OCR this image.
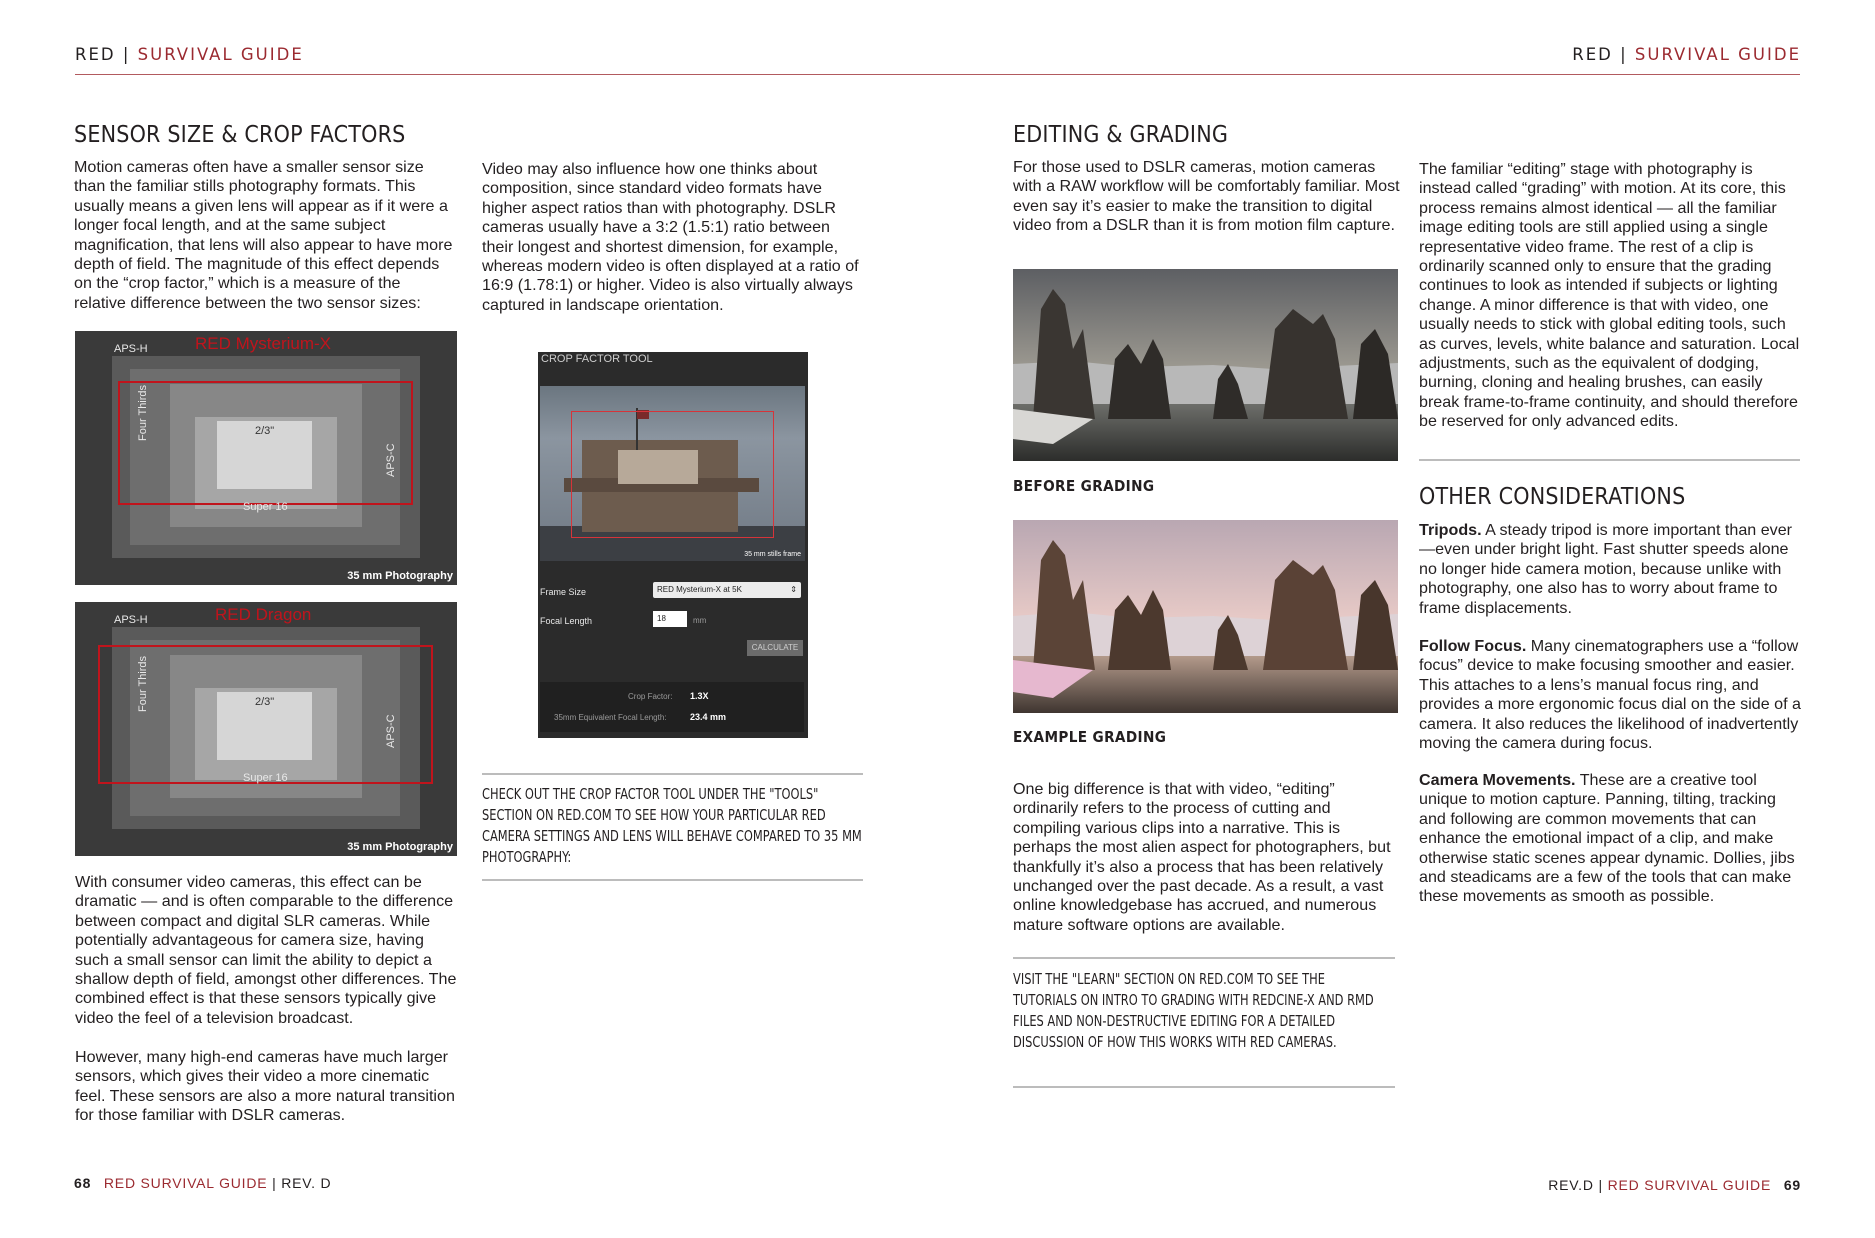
RED | SURVIVAL GUIDE	RED | SURVIVAL GUIDE
SENSOR SIZE & CROP FACTORS

Motion cameras often have a smaller sensor size than the familiar stills photography formats. This usually means a given lens will appear as if it were a longer focal length, and at the same subject magnification, that lens will also appear to have more depth of field. The magnitude of this effect depends on the “crop factor,” which is a measure of the relative difference between the two sensor sizes:

Video may also influence how one thinks about composition, since standard video formats have higher aspect ratios than with photography. DSLR cameras usually have a 3:2 (1.5:1) ratio between their longest and shortest dimension, for example, whereas modern video is often displayed at a ratio of 16:9 (1.78:1) or higher. Video is also virtually always captured in landscape orientation.

APS-H	RED Mysterium-X
2/3"
Super 16
Four Thirds
APS-C
35 mm Photography
APS-H	RED Dragon
2/3"
Super 16
Four Thirds
APS-C
35 mm Photography
CROP FACTOR TOOL
35 mm stills frame
Frame Size	RED Mysterium-X at 5K	⇕
Focal Length	18	mm
CALCULATE
Crop Factor: 1.3X
35mm Equivalent Focal Length:	23.4 mm
CHECK OUT THE CROP FACTOR TOOL UNDER THE "TOOLS" SECTION ON RED.COM TO SEE HOW YOUR PARTICULAR RED CAMERA SETTINGS AND LENS WILL BEHAVE COMPARED TO 35 MM PHOTOGRAPHY:

With consumer video cameras, this effect can be dramatic — and is often comparable to the difference between compact and digital SLR cameras. While potentially advantageous for camera size, having such a small sensor can limit the ability to depict a shallow depth of field, amongst other differences. The combined effect is that these sensors typically give video the feel of a television broadcast.

However, many high-end cameras have much larger sensors, which gives their video a more cinematic feel. These sensors are also a more natural transition for those familiar with DSLR cameras.

68 RED SURVIVAL GUIDE | REV. D
EDITING & GRADING

For those used to DSLR cameras, motion cameras with a RAW workflow will be comfortably familiar. Most even say it’s easier to make the transition to digital video from a DSLR than it is from motion film capture.

BEFORE GRADING
EXAMPLE GRADING

One big difference is that with video, “editing” ordinarily refers to the process of cutting and compiling various clips into a narrative. This is perhaps the most alien aspect for photographers, but thankfully it’s also a process that has been relatively unchanged over the past decade. As a result, a vast online knowledgebase has accrued, and numerous mature software options are available.

VISIT THE "LEARN" SECTION ON RED.COM TO SEE THE TUTORIALS ON INTRO TO GRADING WITH REDCINE-X AND RMD FILES AND NON-DESTRUCTIVE EDITING FOR A DETAILED DISCUSSION OF HOW THIS WORKS WITH RED CAMERAS.

The familiar “editing” stage with photography is instead called “grading” with motion. At its core, this process remains almost identical — all the familiar image editing tools are still applied using a single representative video frame. The rest of a clip is ordinarily scanned only to ensure that the grading continues to look as intended if subjects or lighting change. A minor difference is that with video, one usually needs to stick with global editing tools, such as curves, levels, white balance and saturation. Local adjustments, such as the equivalent of dodging, burning, cloning and healing brushes, can easily break frame-to-frame continuity, and should therefore be reserved for only advanced edits.

OTHER CONSIDERATIONS

Tripods. A steady tripod is more important than ever—even under bright light. Fast shutter speeds alone no longer hide camera motion, because unlike with photography, one also has to worry about frame to frame displacements.

Follow Focus. Many cinematographers use a “follow focus” device to make focusing smoother and easier. This attaches to a lens’s manual focus ring, and provides a more ergonomic focus dial on the side of a camera. It also reduces the likelihood of inadvertently moving the camera during focus.

Camera Movements. These are a creative tool unique to motion capture. Panning, tilting, tracking and following are common movements that can enhance the emotional impact of a clip, and make otherwise static scenes appear dynamic. Dollies, jibs and steadicams are a few of the tools that can make these movements as smooth as possible.

REV.D | RED SURVIVAL GUIDE 69
